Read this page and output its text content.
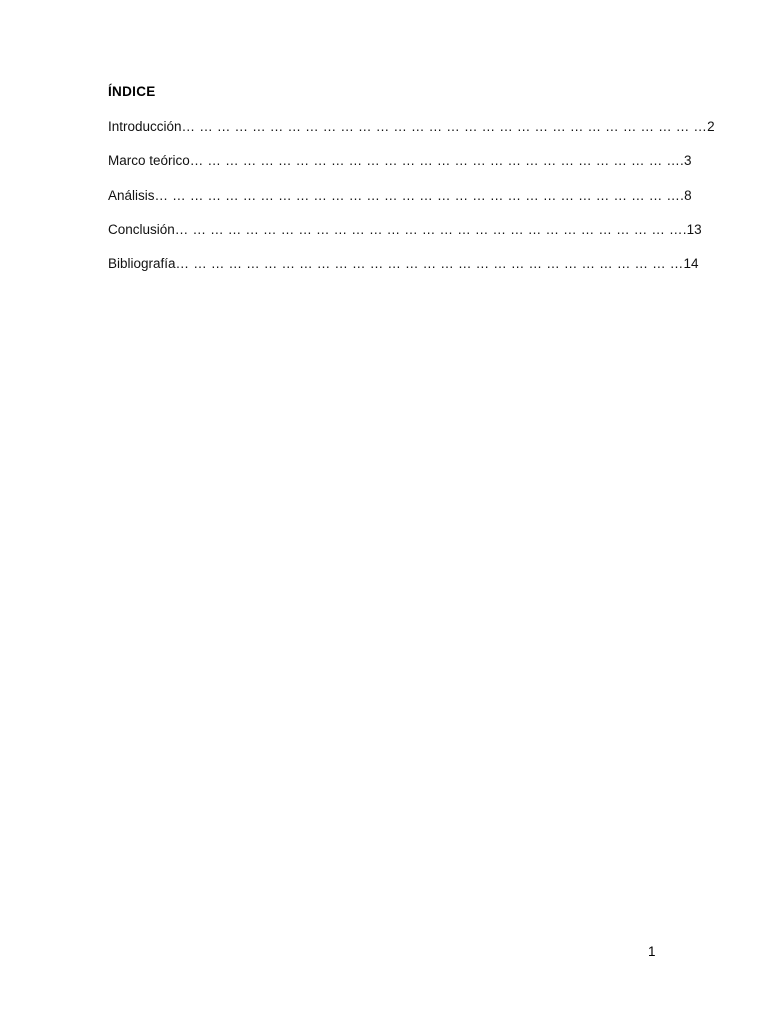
ÍNDICE
Introducción… … … … … … … … … … … … … … … … … … … … … … … … … … … … … …2
Marco teórico… … … … … … … … … … … … … … … … … … … … … … … … … … … ….3
Análisis… … … … … … … … … … … … … … … … … … … … … … … … … … … … … ….8
Conclusión… … … … … … … … … … … … … … … … … … … … … … … … … … … … ….13
Bibliografía… … … … … … … … … … … … … … … … … … … … … … … … … … … … …14
1
